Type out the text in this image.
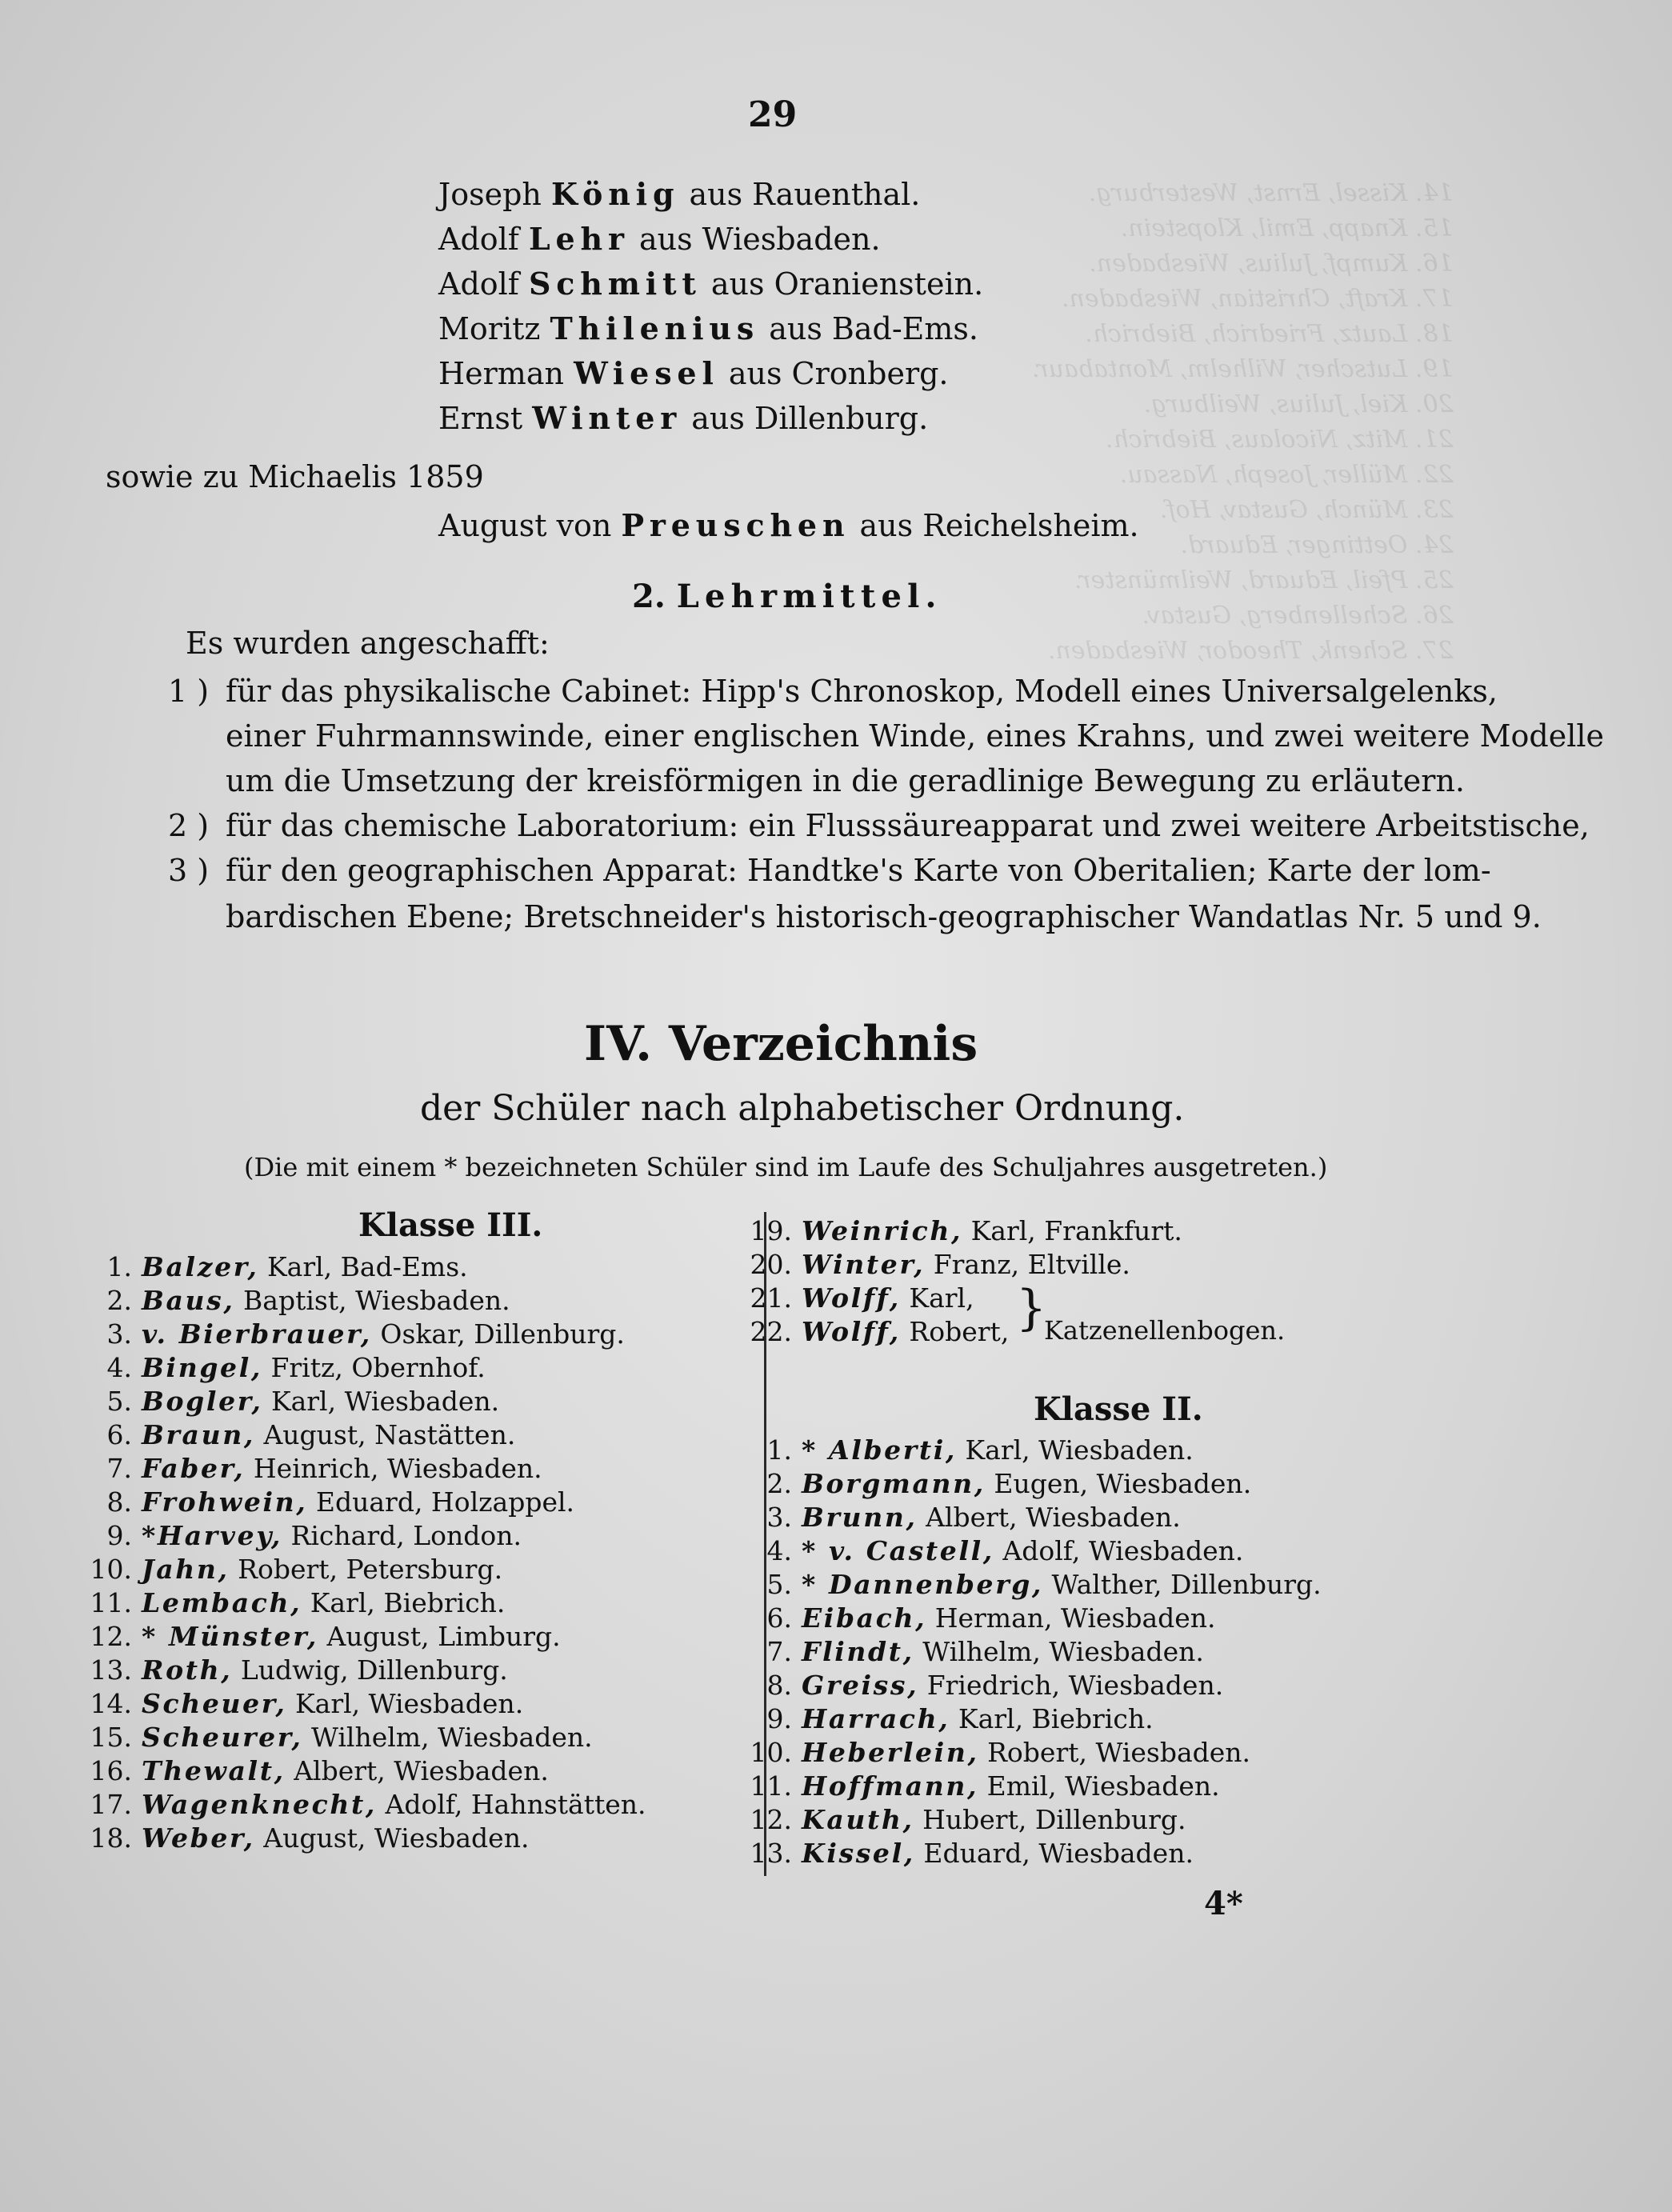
14. Kissel, Ernst, Westerburg.
15. Knapp, Emil, Klopstein.
16. Kumpf, Julius, Wiesbaden.
17. Kraft, Christian, Wiesbaden.
18. Lautz, Friedrich, Biebrich.
19. Lutscher, Wilhelm, Montabaur.
20. Kiel, Julius, Weilburg.
21. Mitz, Nicolaus, Biebrich.
22. Müller, Joseph, Nassau.
23. Münch, Gustav, Hof.
24. Oettinger, Eduard.
25. Pfeil, Eduard, Weilmünster.
26. Schellenberg, Gustav.
27. Schenk, Theodor, Wiesbaden.
29
Joseph König aus Rauenthal.
Adolf Lehr aus Wiesbaden.
Adolf Schmitt aus Oranienstein.
Moritz Thilenius aus Bad-Ems.
Herman Wiesel aus Cronberg.
Ernst Winter aus Dillenburg.
sowie zu Michaelis 1859
August von Preuschen aus Reichelsheim.
2. Lehrmittel.
Es wurden angeschafft:
1 ) für das physikalische Cabinet: Hipp's Chronoskop, Modell eines Universalgelenks,
einer Fuhrmannswinde, einer englischen Winde, eines Krahns, und zwei weitere Modelle
um die Umsetzung der kreisförmigen in die geradlinige Bewegung zu erläutern.
2 ) für das chemische Laboratorium: ein Flusssäureapparat und zwei weitere Arbeitstische,
3 ) für den geographischen Apparat: Handtke's Karte von Oberitalien; Karte der lom-
bardischen Ebene; Bretschneider's historisch-geographischer Wandatlas Nr. 5 und 9.
IV. Verzeichnis
der Schüler nach alphabetischer Ordnung.
(Die mit einem * bezeichneten Schüler sind im Laufe des Schuljahres ausgetreten.)
Klasse III.
1. Balzer, Karl, Bad-Ems.
2. Baus, Baptist, Wiesbaden.
3. v. Bierbrauer, Oskar, Dillenburg.
4. Bingel, Fritz, Obernhof.
5. Bogler, Karl, Wiesbaden.
6. Braun, August, Nastätten.
7. Faber, Heinrich, Wiesbaden.
8. Frohwein, Eduard, Holzappel.
9. *Harvey, Richard, London.
10. Jahn, Robert, Petersburg.
11. Lembach, Karl, Biebrich.
12. * Münster, August, Limburg.
13. Roth, Ludwig, Dillenburg.
14. Scheuer, Karl, Wiesbaden.
15. Scheurer, Wilhelm, Wiesbaden.
16. Thewalt, Albert, Wiesbaden.
17. Wagenknecht, Adolf, Hahnstätten.
18. Weber, August, Wiesbaden.
19. Weinrich, Karl, Frankfurt.
20. Winter, Franz, Eltville.
21. Wolff, Karl,
22. Wolff, Robert, }
Katzenellenbogen.
Klasse II.
1. * Alberti, Karl, Wiesbaden.
2. Borgmann, Eugen, Wiesbaden.
3. Brunn, Albert, Wiesbaden.
4. * v. Castell, Adolf, Wiesbaden.
5. * Dannenberg, Walther, Dillenburg.
6. Eibach, Herman, Wiesbaden.
7. Flindt, Wilhelm, Wiesbaden.
8. Greiss, Friedrich, Wiesbaden.
9. Harrach, Karl, Biebrich.
10. Heberlein, Robert, Wiesbaden.
11. Hoffmann, Emil, Wiesbaden.
12. Kauth, Hubert, Dillenburg.
13. Kissel, Eduard, Wiesbaden.
4*
